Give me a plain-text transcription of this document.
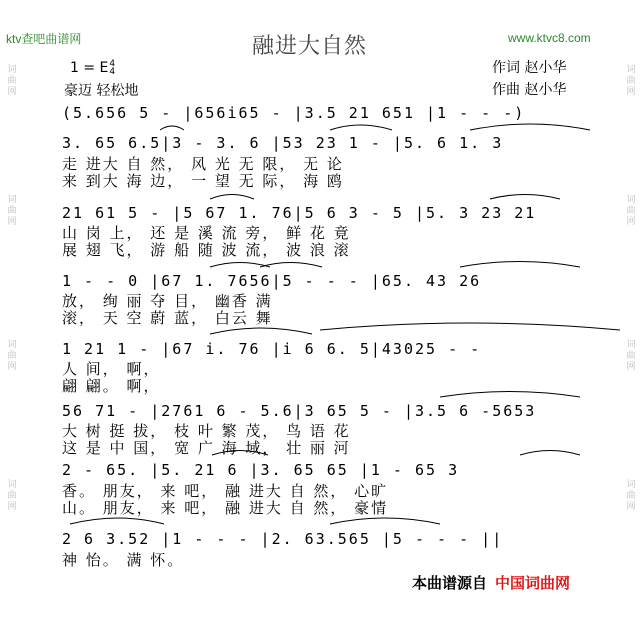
ktv查吧曲谱网	www.ktvc8.com
融进大自然
1 = E4
4
豪迈 轻松地
作词 赵小华
作曲 赵小华
词曲网
词曲网
词曲网
词曲网
词曲网
词曲网
词曲网
词曲网
(5.656 5 - |656i65 - |3.5 21 651 |1 - - -)
3. 65 6.5|3 - 3. 6 |53 23 1 - |5. 6 1. 3
走 进大 自 然， 风 光 无 限， 无 论
来 到大 海 边， 一 望 无 际， 海 鸥
21 61 5 - |5 67 1. 76|5 6 3 - 5 |5. 3 23 21
山 岗 上， 还 是 溪 流 旁， 鲜 花 竟
展 翅 飞， 游 船 随 波 流， 波 浪 滚
1 - - 0 |67 1. 7656|5 - - - |65. 43 26
放， 绚 丽 夺 目， 幽香 满
滚， 天 空 蔚 蓝， 白云 舞
1 21 1 - |67 i. 76 |i 6 6. 5|43025 - -
人 间， 啊，
翩 翩。 啊，
56 71 - |2761 6 - 5.6|3 65 5 - |3.5 6 -5653
大 树 挺 拔， 枝 叶 繁 茂， 鸟 语 花
这 是 中 国， 宽 广 海 域， 壮 丽 河
2 - 65. |5. 21 6 |3. 65 65 |1 - 65 3
香。 朋友， 来 吧， 融 进大 自 然， 心旷
山。 朋友， 来 吧， 融 进大 自 然， 豪情
2 6 3.52 |1 - - - |2. 63.565 |5 - - - ||
神 怡。 满 怀。
本曲谱源自 中国词曲网
